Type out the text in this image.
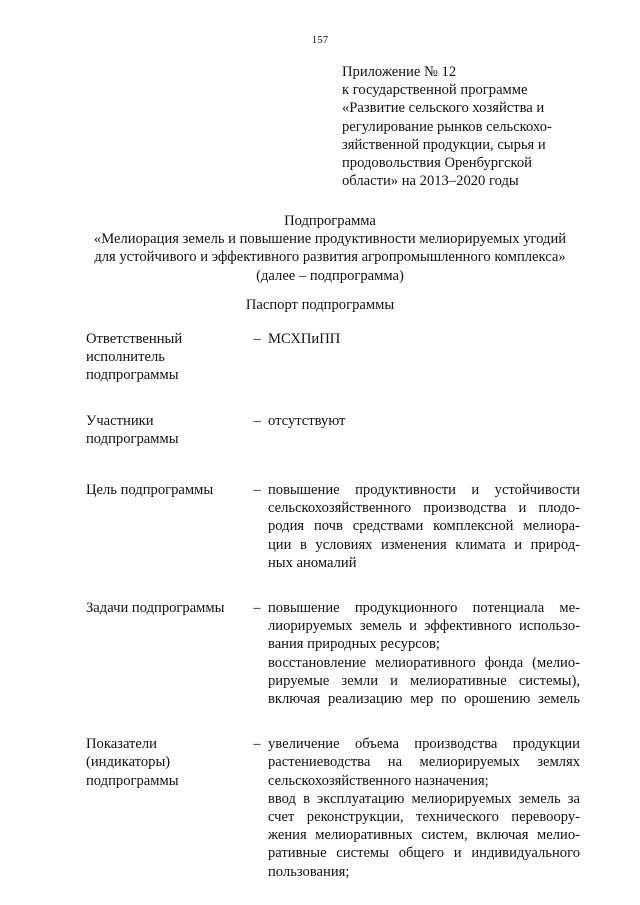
157
Приложение № 12
к государственной программе
«Развитие сельского хозяйства и
регулирование рынков сельскохо-
зяйственной продукции, сырья и
продовольствия Оренбургской
области» на 2013–2020 годы
Подпрограмма
«Мелиорация земель и повышение продуктивности мелиорируемых угодий
для устойчивого и эффективного развития агропромышленного комплекса»
(далее – подпрограмма)
Паспорт подпрограммы
Ответственный
исполнитель
подпрограммы
– МСХПиПП
Участники
подпрограммы
– отсутствуют
Цель подпрограммы	– повышение продуктивности и устойчивости
сельскохозяйственного производства и плодо-
родия почв средствами комплексной мелиора-
ции в условиях изменения климата и природ-
ных аномалий
Задачи подпрограммы	– повышение продукционного потенциала ме-
лиорируемых земель и эффективного использо-
вания природных ресурсов;
восстановление мелиоративного фонда (мелио-
рируемые земли и мелиоративные системы),
включая реализацию мер по орошению земель
Показатели
(индикаторы)
подпрограммы
– увеличение объема производства продукции
растениеводства на мелиорируемых землях
сельскохозяйственного назначения;
ввод в эксплуатацию мелиорируемых земель за
счет реконструкции, технического перевоору-
жения мелиоративных систем, включая мелио-
ративные системы общего и индивидуального
пользования;
